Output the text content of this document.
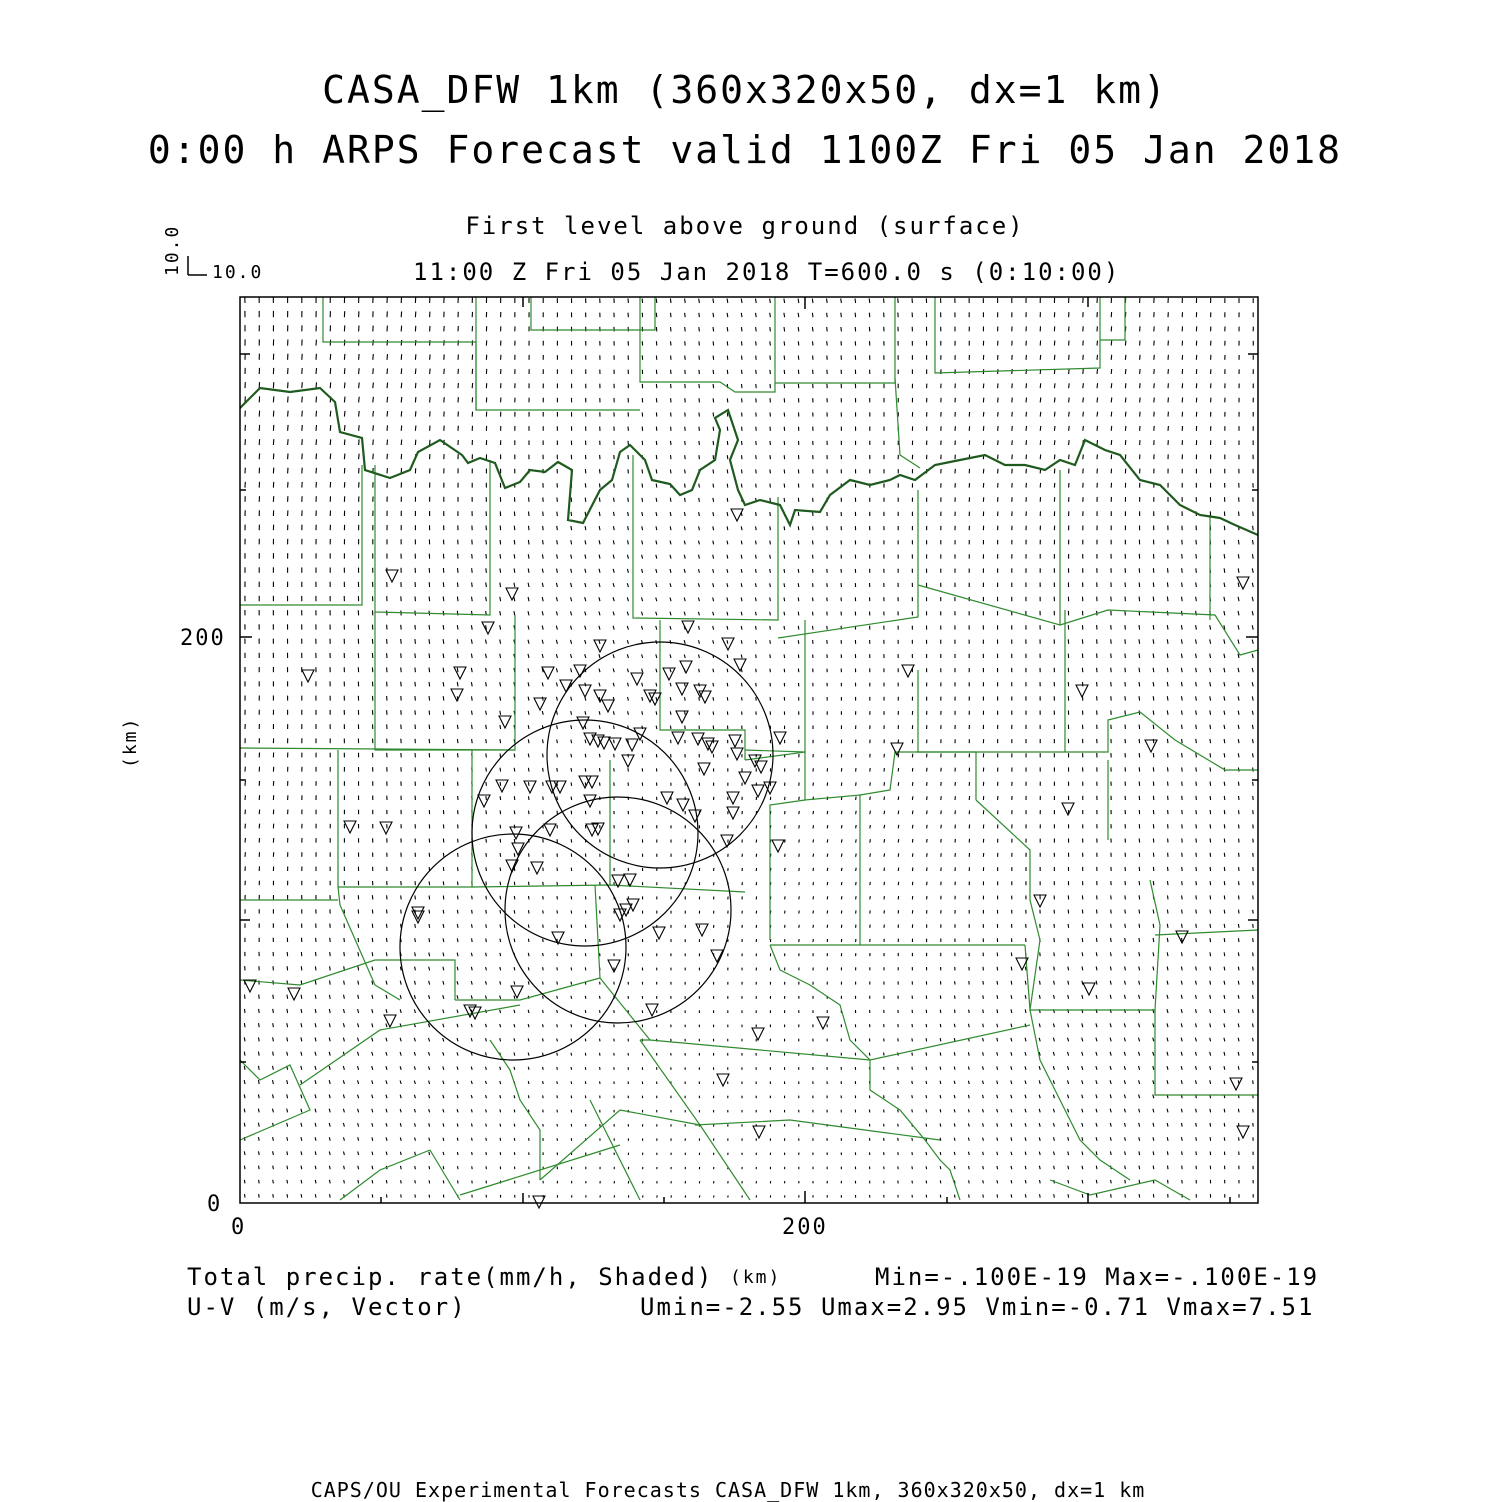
CASA_DFW 1km (360x320x50, dx=1 km)
0:00 h ARPS Forecast valid 1100Z Fri 05 Jan 2018
First level above ground (surface)
11:00 Z Fri 05 Jan 2018 T=600.0 s (0:10:00)
10.0
10.0
200
0
0	200
(km)
(km)
Total precip. rate(mm/h, Shaded)
U-V (m/s, Vector)
Min=-.100E-19 Max=-.100E-19
Umin=-2.55 Umax=2.95 Vmin=-0.71 Vmax=7.51
CAPS/OU Experimental Forecasts CASA_DFW 1km, 360x320x50, dx=1 km
